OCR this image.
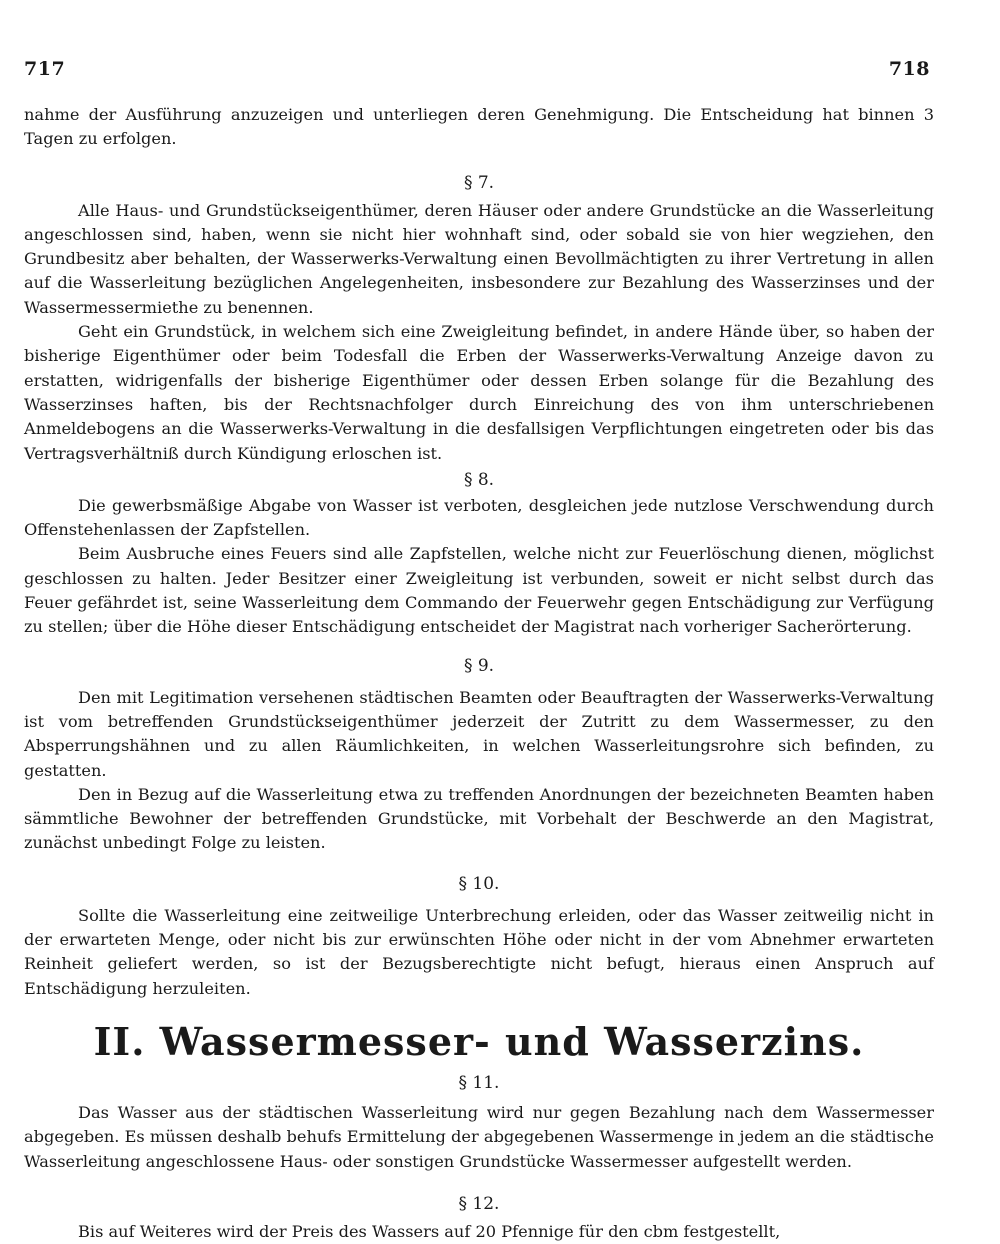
717	718

nahme der Ausführung anzuzeigen und unterliegen deren Genehmigung. Die Entscheidung hat binnen 3 Tagen zu erfolgen.

§ 7.

Alle Haus- und Grundstückseigenthümer, deren Häuser oder andere Grundstücke an die Wasserleitung angeschlossen sind, haben, wenn sie nicht hier wohnhaft sind, oder sobald sie von hier wegziehen, den Grundbesitz aber behalten, der Wasserwerks-Verwaltung einen Bevollmächtigten zu ihrer Vertretung in allen auf die Wasserleitung bezüglichen Angelegenheiten, insbesondere zur Bezahlung des Wasserzinses und der Wassermessermiethe zu benennen.

Geht ein Grundstück, in welchem sich eine Zweigleitung befindet, in andere Hände über, so haben der bisherige Eigenthümer oder beim Todesfall die Erben der Wasserwerks-Verwaltung Anzeige davon zu erstatten, widrigenfalls der bisherige Eigenthümer oder dessen Erben solange für die Bezahlung des Wasserzinses haften, bis der Rechtsnachfolger durch Einreichung des von ihm unterschriebenen Anmeldebogens an die Wasserwerks-Verwaltung in die desfallsigen Verpflichtungen eingetreten oder bis das Vertragsverhältniß durch Kündigung erloschen ist.

§ 8.

Die gewerbsmäßige Abgabe von Wasser ist verboten, desgleichen jede nutzlose Verschwendung durch Offenstehenlassen der Zapfstellen.

Beim Ausbruche eines Feuers sind alle Zapfstellen, welche nicht zur Feuerlöschung dienen, möglichst geschlossen zu halten. Jeder Besitzer einer Zweigleitung ist verbunden, soweit er nicht selbst durch das Feuer gefährdet ist, seine Wasserleitung dem Commando der Feuerwehr gegen Entschädigung zur Verfügung zu stellen; über die Höhe dieser Entschädigung entscheidet der Magistrat nach vorheriger Sacherörterung.

§ 9.

Den mit Legitimation versehenen städtischen Beamten oder Beauftragten der Wasserwerks-Verwaltung ist vom betreffenden Grundstückseigenthümer jederzeit der Zutritt zu dem Wassermesser, zu den Absperrungshähnen und zu allen Räumlichkeiten, in welchen Wasserleitungsrohre sich befinden, zu gestatten.

Den in Bezug auf die Wasserleitung etwa zu treffenden Anordnungen der bezeichneten Beamten haben sämmtliche Bewohner der betreffenden Grundstücke, mit Vorbehalt der Beschwerde an den Magistrat, zunächst unbedingt Folge zu leisten.

§ 10.

Sollte die Wasserleitung eine zeitweilige Unterbrechung erleiden, oder das Wasser zeitweilig nicht in der erwarteten Menge, oder nicht bis zur erwünschten Höhe oder nicht in der vom Abnehmer erwarteten Reinheit geliefert werden, so ist der Bezugsberechtigte nicht befugt, hieraus einen Anspruch auf Entschädigung herzuleiten.

II. Wassermesser- und Wasserzins.
§ 11.

Das Wasser aus der städtischen Wasserleitung wird nur gegen Bezahlung nach dem Wassermesser abgegeben. Es müssen deshalb behufs Ermittelung der abgegebenen Wassermenge in jedem an die städtische Wasserleitung angeschlossene Haus- oder sonstigen Grundstücke Wassermesser aufgestellt werden.

§ 12.

Bis auf Weiteres wird der Preis des Wassers auf 20 Pfennige für den cbm festgestellt,
